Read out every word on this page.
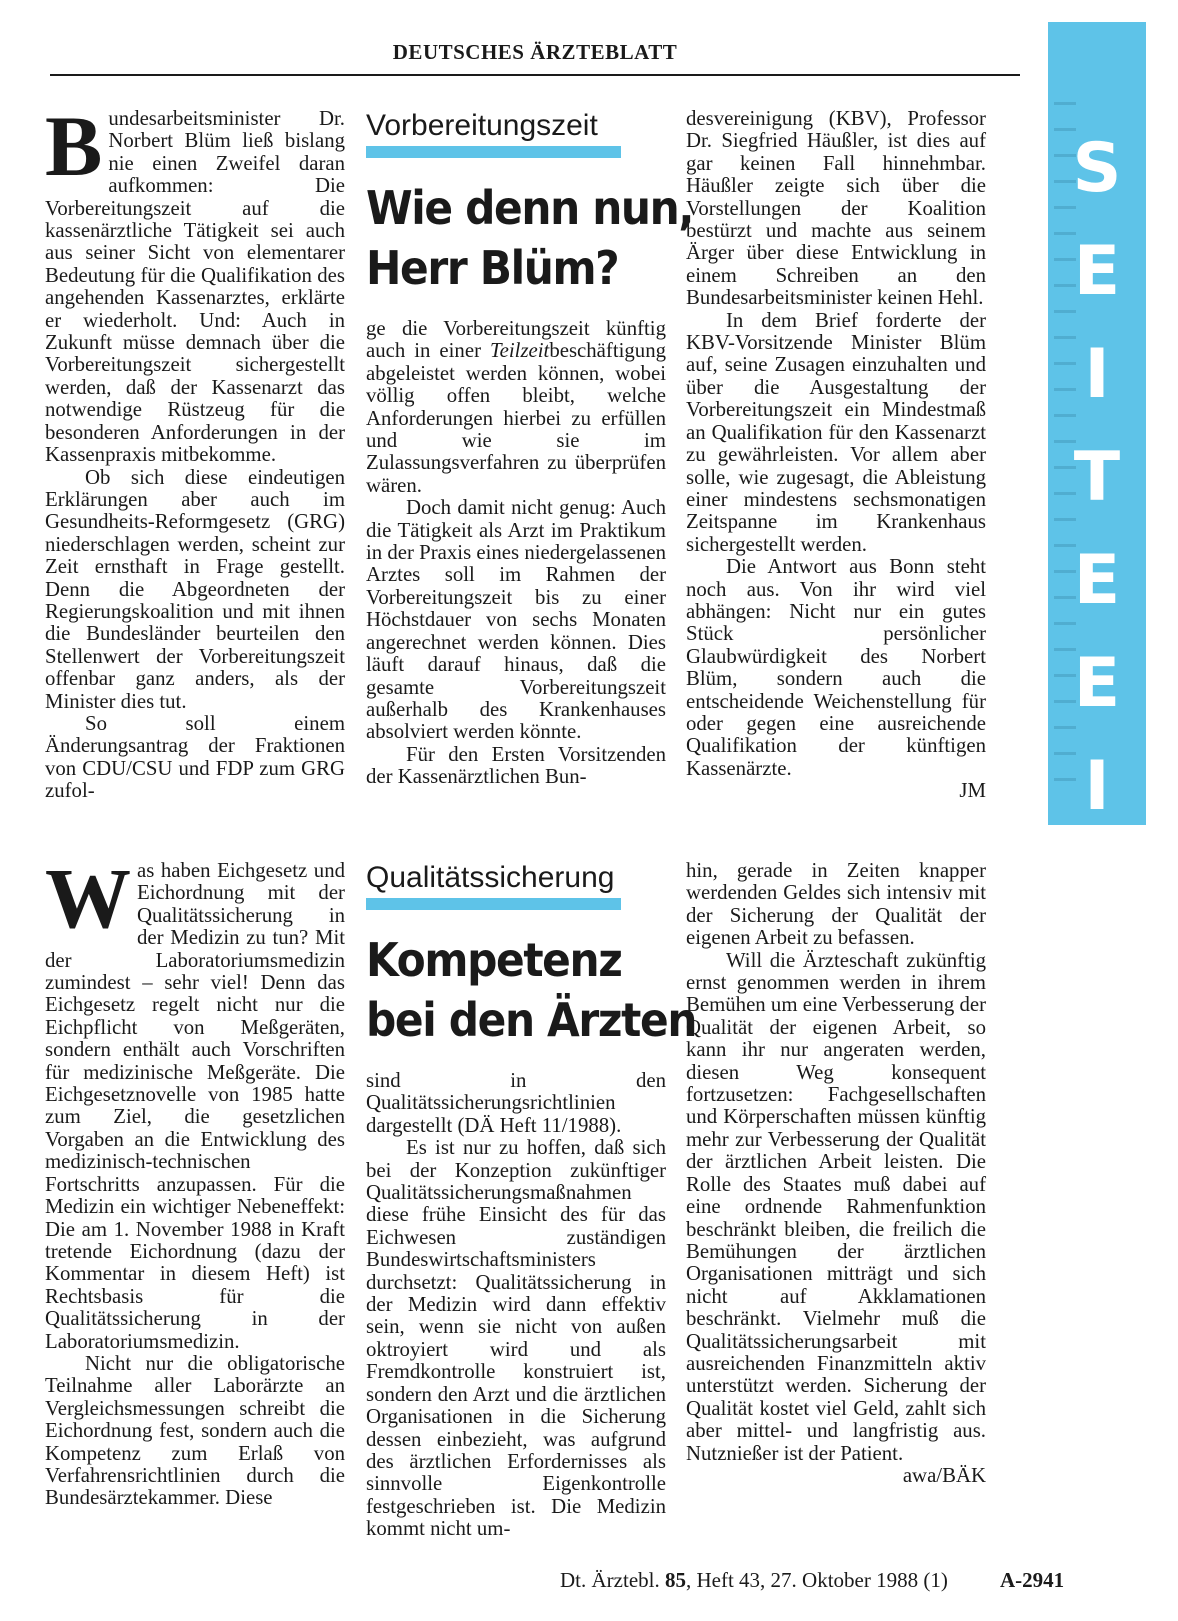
DEUTSCHES ÄRZTEBLATT
S
E
I
T
E
E
I
N
S

Bundesarbeitsminister Dr. Norbert Blüm ließ bislang nie einen Zweifel daran aufkommen: Die Vorbereitungszeit auf die kassenärztliche Tätigkeit sei auch aus seiner Sicht von elementarer Bedeutung für die Qualifikation des angehenden Kassenarztes, erklärte er wiederholt. Und: Auch in Zukunft müsse demnach über die Vorbereitungszeit sichergestellt werden, daß der Kassenarzt das notwendige Rüstzeug für die besonderen Anforderungen in der Kassenpraxis mitbekomme.

Ob sich diese eindeutigen Erklärungen aber auch im Gesundheits-Reformgesetz (GRG) niederschlagen werden, scheint zur Zeit ernsthaft in Frage gestellt. Denn die Abgeordneten der Regierungskoalition und mit ihnen die Bundesländer beurteilen den Stellenwert der Vorbereitungszeit offenbar ganz anders, als der Minister dies tut.

So soll einem Änderungsantrag der Fraktionen von CDU/CSU und FDP zum GRG zufol-

Vorbereitungszeit
Wie denn nun,
Herr Blüm?

ge die Vorbereitungszeit künftig auch in einer Teilzeitbeschäftigung abgeleistet werden können, wobei völlig offen bleibt, welche Anforderungen hierbei zu erfüllen und wie sie im Zulassungsverfahren zu überprüfen wären.

Doch damit nicht genug: Auch die Tätigkeit als Arzt im Praktikum in der Praxis eines niedergelassenen Arztes soll im Rahmen der Vorbereitungszeit bis zu einer Höchstdauer von sechs Monaten angerechnet werden können. Dies läuft darauf hinaus, daß die gesamte Vorbereitungszeit außerhalb des Krankenhauses absolviert werden könnte.

Für den Ersten Vorsitzenden der Kassenärztlichen Bun-

desvereinigung (KBV), Professor Dr. Siegfried Häußler, ist dies auf gar keinen Fall hinnehmbar. Häußler zeigte sich über die Vorstellungen der Koalition bestürzt und machte aus seinem Ärger über diese Entwicklung in einem Schreiben an den Bundesarbeitsminister keinen Hehl.

In dem Brief forderte der KBV-Vorsitzende Minister Blüm auf, seine Zusagen einzuhalten und über die Ausgestaltung der Vorbereitungszeit ein Mindestmaß an Qualifikation für den Kassenarzt zu gewährleisten. Vor allem aber solle, wie zugesagt, die Ableistung einer mindestens sechsmonatigen Zeitspanne im Krankenhaus sichergestellt werden.

Die Antwort aus Bonn steht noch aus. Von ihr wird viel abhängen: Nicht nur ein gutes Stück persönlicher Glaubwürdigkeit des Norbert Blüm, sondern auch die entscheidende Weichenstellung für oder gegen eine ausreichende Qualifikation der künftigen Kassenärzte.

JM

Was haben Eichgesetz und Eichordnung mit der Qualitätssicherung in der Medizin zu tun? Mit der Laboratoriumsmedizin zumindest – sehr viel! Denn das Eichgesetz regelt nicht nur die Eichpflicht von Meßgeräten, sondern enthält auch Vorschriften für medizinische Meßgeräte. Die Eichgesetznovelle von 1985 hatte zum Ziel, die gesetzlichen Vorgaben an die Entwicklung des medizinisch-technischen Fortschritts anzupassen. Für die Medizin ein wichtiger Nebeneffekt: Die am 1. November 1988 in Kraft tretende Eichordnung (dazu der Kommentar in diesem Heft) ist Rechtsbasis für die Qualitätssicherung in der Laboratoriumsmedizin.

Nicht nur die obligatorische Teilnahme aller Laborärzte an Vergleichsmessungen schreibt die Eichordnung fest, sondern auch die Kompetenz zum Erlaß von Verfahrensrichtlinien durch die Bundesärztekammer. Diese

Qualitätssicherung
Kompetenz
bei den Ärzten

sind in den Qualitätssicherungsrichtlinien dargestellt (DÄ Heft 11/1988).

Es ist nur zu hoffen, daß sich bei der Konzeption zukünftiger Qualitätssicherungsmaßnahmen diese frühe Einsicht des für das Eichwesen zuständigen Bundeswirtschaftsministers durchsetzt: Qualitätssicherung in der Medizin wird dann effektiv sein, wenn sie nicht von außen oktroyiert wird und als Fremdkontrolle konstruiert ist, sondern den Arzt und die ärztlichen Organisationen in die Sicherung dessen einbezieht, was aufgrund des ärztlichen Erfordernisses als sinnvolle Eigenkontrolle festgeschrieben ist. Die Medizin kommt nicht um-

hin, gerade in Zeiten knapper werdenden Geldes sich intensiv mit der Sicherung der Qualität der eigenen Arbeit zu befassen.

Will die Ärzteschaft zukünftig ernst genommen werden in ihrem Bemühen um eine Verbesserung der Qualität der eigenen Arbeit, so kann ihr nur angeraten werden, diesen Weg konsequent fortzusetzen: Fachgesellschaften und Körperschaften müssen künftig mehr zur Verbesserung der Qualität der ärztlichen Arbeit leisten. Die Rolle des Staates muß dabei auf eine ordnende Rahmenfunktion beschränkt bleiben, die freilich die Bemühungen der ärztlichen Organisationen mitträgt und sich nicht auf Akklamationen beschränkt. Vielmehr muß die Qualitätssicherungsarbeit mit ausreichenden Finanzmitteln aktiv unterstützt werden. Sicherung der Qualität kostet viel Geld, zahlt sich aber mittel- und langfristig aus. Nutznießer ist der Patient.

awa/BÄK
Dt. Ärztebl. 85, Heft 43, 27. Oktober 1988 (1) A-2941
